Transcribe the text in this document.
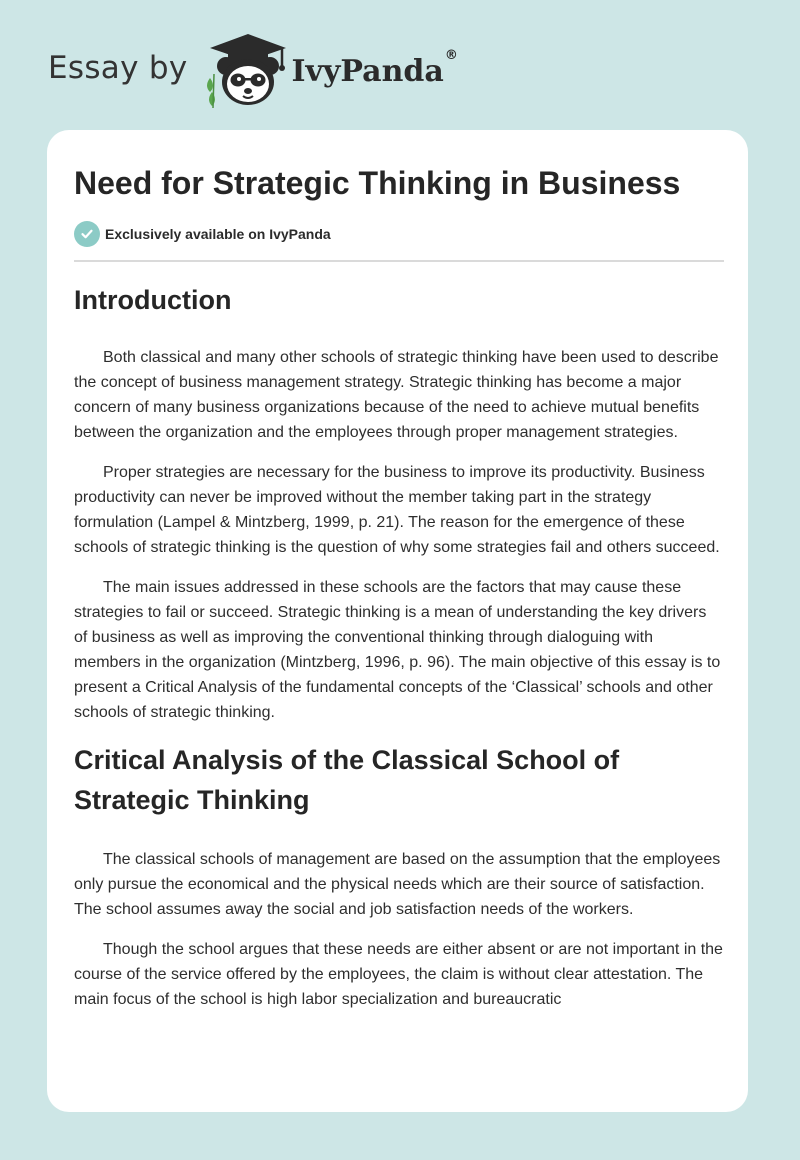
Essay by	IvyPanda®
Need for Strategic Thinking in Business
Exclusively available on IvyPanda
Introduction

Both classical and many other schools of strategic thinking have been used to describe the concept of business management strategy. Strategic thinking has become a major concern of many business organizations because of the need to achieve mutual benefits between the organization and the employees through proper management strategies.

Proper strategies are necessary for the business to improve its productivity. Business productivity can never be improved without the member taking part in the strategy formulation (Lampel & Mintzberg, 1999, p. 21). The reason for the emergence of these schools of strategic thinking is the question of why some strategies fail and others succeed.

The main issues addressed in these schools are the factors that may cause these strategies to fail or succeed. Strategic thinking is a mean of understanding the key drivers of business as well as improving the conventional thinking through dialoguing with members in the organization (Mintzberg, 1996, p. 96). The main objective of this essay is to present a Critical Analysis of the fundamental concepts of the ‘Classical’ schools and other schools of strategic thinking.

Critical Analysis of the Classical School of Strategic Thinking

The classical schools of management are based on the assumption that the employees only pursue the economical and the physical needs which are their source of satisfaction. The school assumes away the social and job satisfaction needs of the workers.

Though the school argues that these needs are either absent or are not important in the course of the service offered by the employees, the claim is without clear attestation. The main focus of the school is high labor specialization and bureaucratic
